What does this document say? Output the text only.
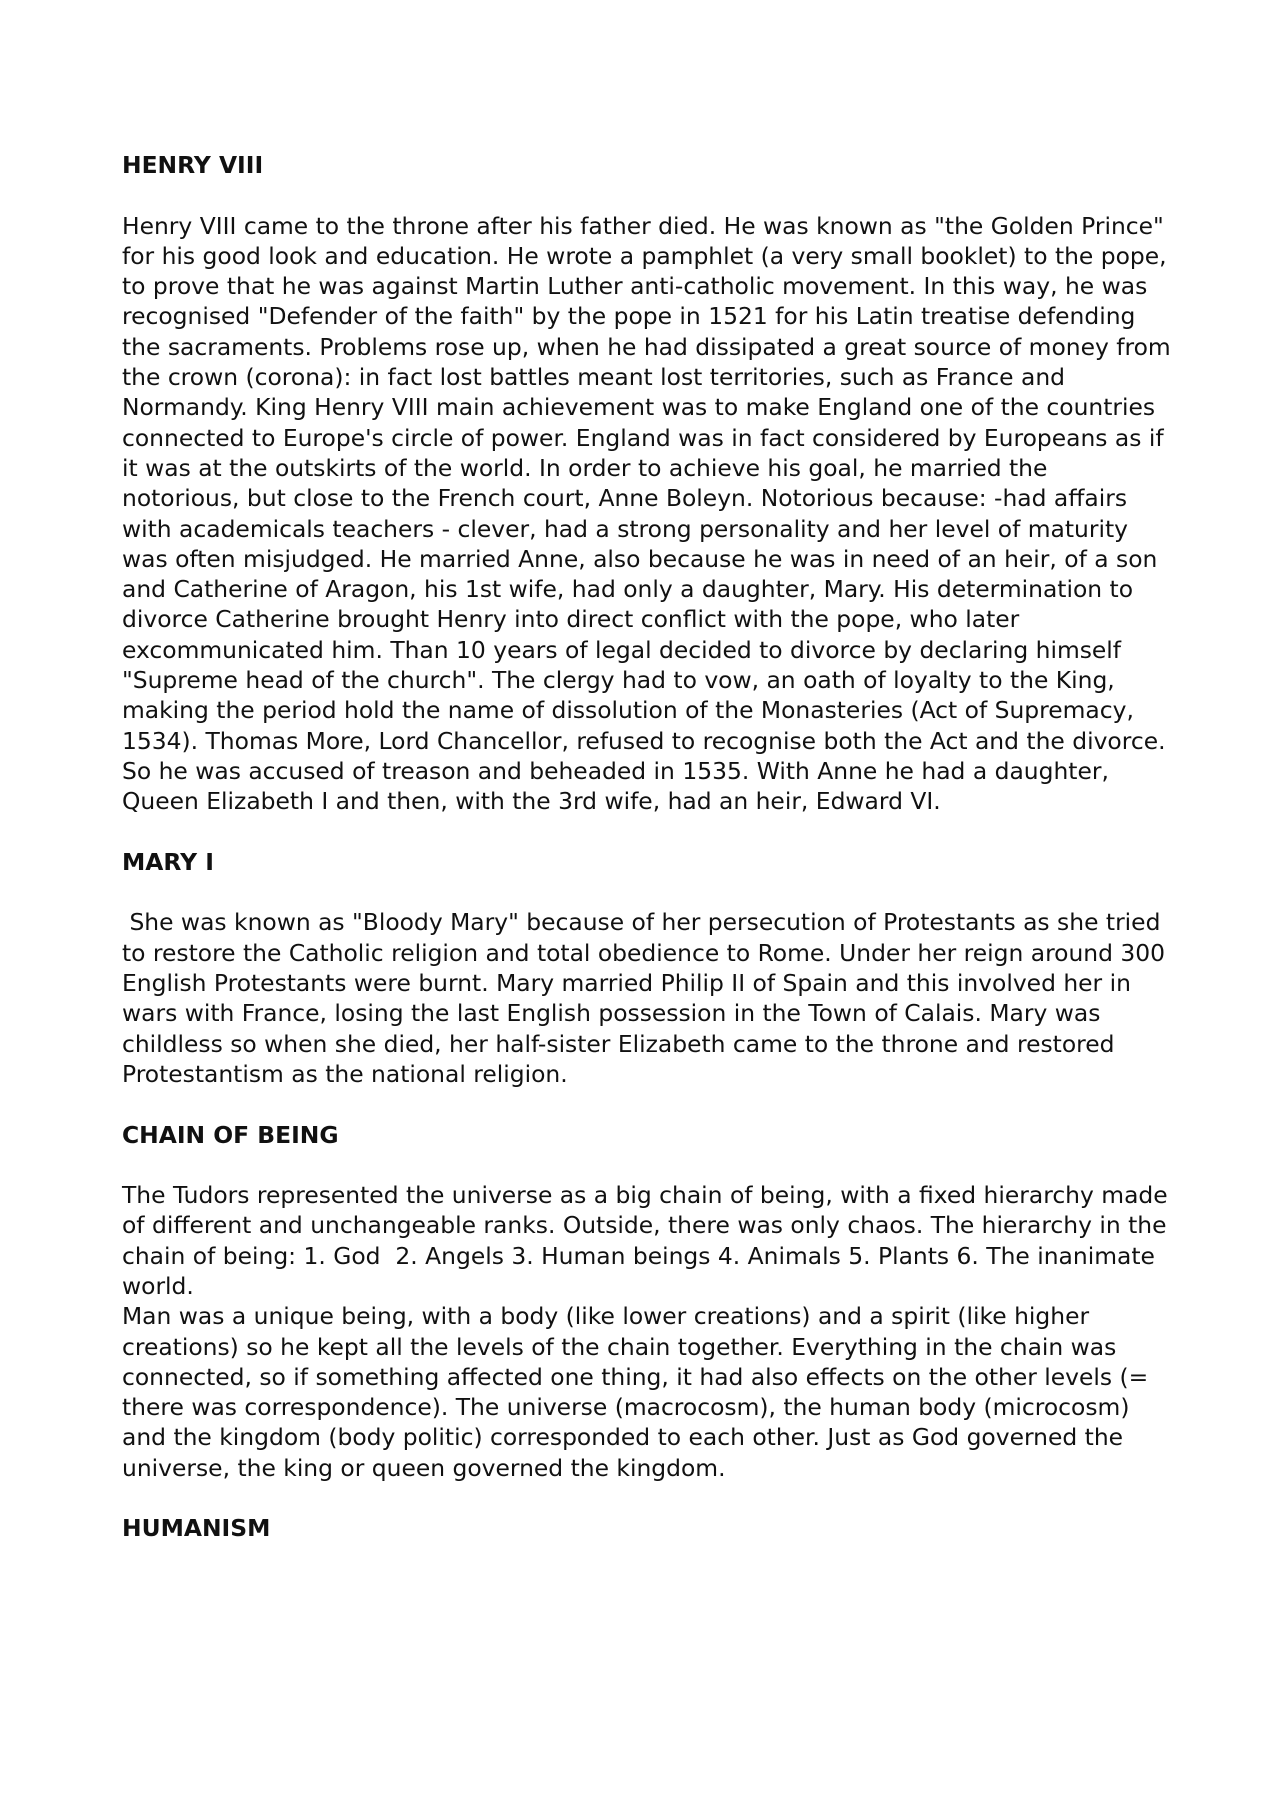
HENRY VIII

Henry VIII came to the throne after his father died. He was known as "the Golden Prince" for his good look and education. He wrote a pamphlet (a very small booklet) to the pope, to prove that he was against Martin Luther anti-catholic movement. In this way, he was recognised "Defender of the faith" by the pope in 1521 for his Latin treatise defending the sacraments. Problems rose up, when he had dissipated a great source of money from the crown (corona): in fact lost battles meant lost territories, such as France and Normandy. King Henry VIII main achievement was to make England one of the countries connected to Europe's circle of power. England was in fact considered by Europeans as if it was at the outskirts of the world. In order to achieve his goal, he married the notorious, but close to the French court, Anne Boleyn. Notorious because: -had affairs with academicals teachers - clever, had a strong personality and her level of maturity was often misjudged. He married Anne, also because he was in need of an heir, of a son and Catherine of Aragon, his 1st wife, had only a daughter, Mary. His determination to divorce Catherine brought Henry into direct conflict with the pope, who later excommunicated him. Than 10 years of legal decided to divorce by declaring himself "Supreme head of the church". The clergy had to vow, an oath of loyalty to the King, making the period hold the name of dissolution of the Monasteries (Act of Supremacy, 1534). Thomas More, Lord Chancellor, refused to recognise both the Act and the divorce. So he was accused of treason and beheaded in 1535. With Anne he had a daughter, Queen Elizabeth I and then, with the 3rd wife, had an heir, Edward VI.

MARY I

She was known as "Bloody Mary" because of her persecution of Protestants as she tried to restore the Catholic religion and total obedience to Rome. Under her reign around 300 English Protestants were burnt. Mary married Philip II of Spain and this involved her in wars with France, losing the last English possession in the Town of Calais. Mary was childless so when she died, her half-sister Elizabeth came to the throne and restored Protestantism as the national religion.

CHAIN OF BEING

The Tudors represented the universe as a big chain of being, with a fixed hierarchy made of different and unchangeable ranks. Outside, there was only chaos. The hierarchy in the chain of being: 1. God  2. Angels 3. Human beings 4. Animals 5. Plants 6. The inanimate world.

Man was a unique being, with a body (like lower creations) and a spirit (like higher creations) so he kept all the levels of the chain together. Everything in the chain was connected, so if something affected one thing, it had also effects on the other levels (= there was correspondence). The universe (macrocosm), the human body (microcosm) and the kingdom (body politic) corresponded to each other. Just as God governed the universe, the king or queen governed the kingdom.

HUMANISM
